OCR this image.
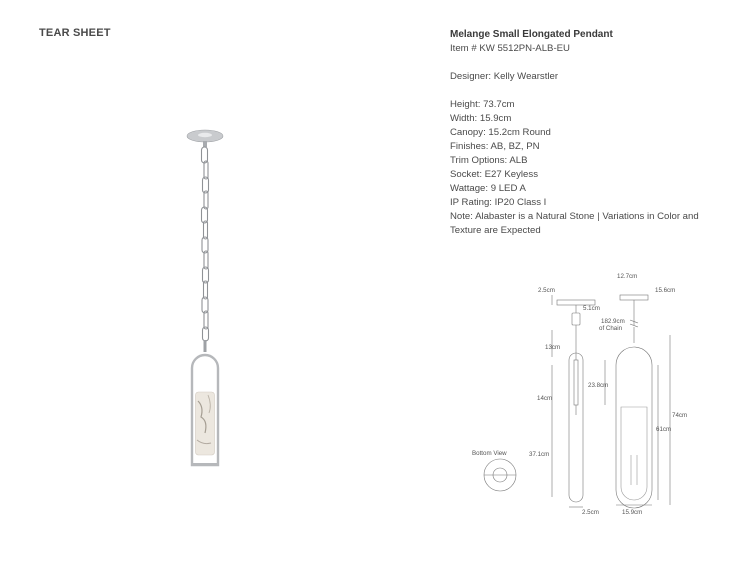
TEAR SHEET	Melange Small Elongated Pendant
Item # KW 5512PN-ALB-EU
Designer: Kelly Wearstler
Height: 73.7cm
Width: 15.9cm
Canopy: 15.2cm Round
Finishes: AB, BZ, PN
Trim Options: ALB
Socket: E27 Keyless
Wattage: 9 LED A
IP Rating: IP20 Class I
Note: Alabaster is a Natural Stone | Variations in Color and Texture are Expected
12.7cm
15.6cm
2.5cm
5.1cm
182.9cm
of Chain
13cm
23.8cm
14cm
74cm
61cm
37.1cm
Bottom View
2.5cm	15.9cm
